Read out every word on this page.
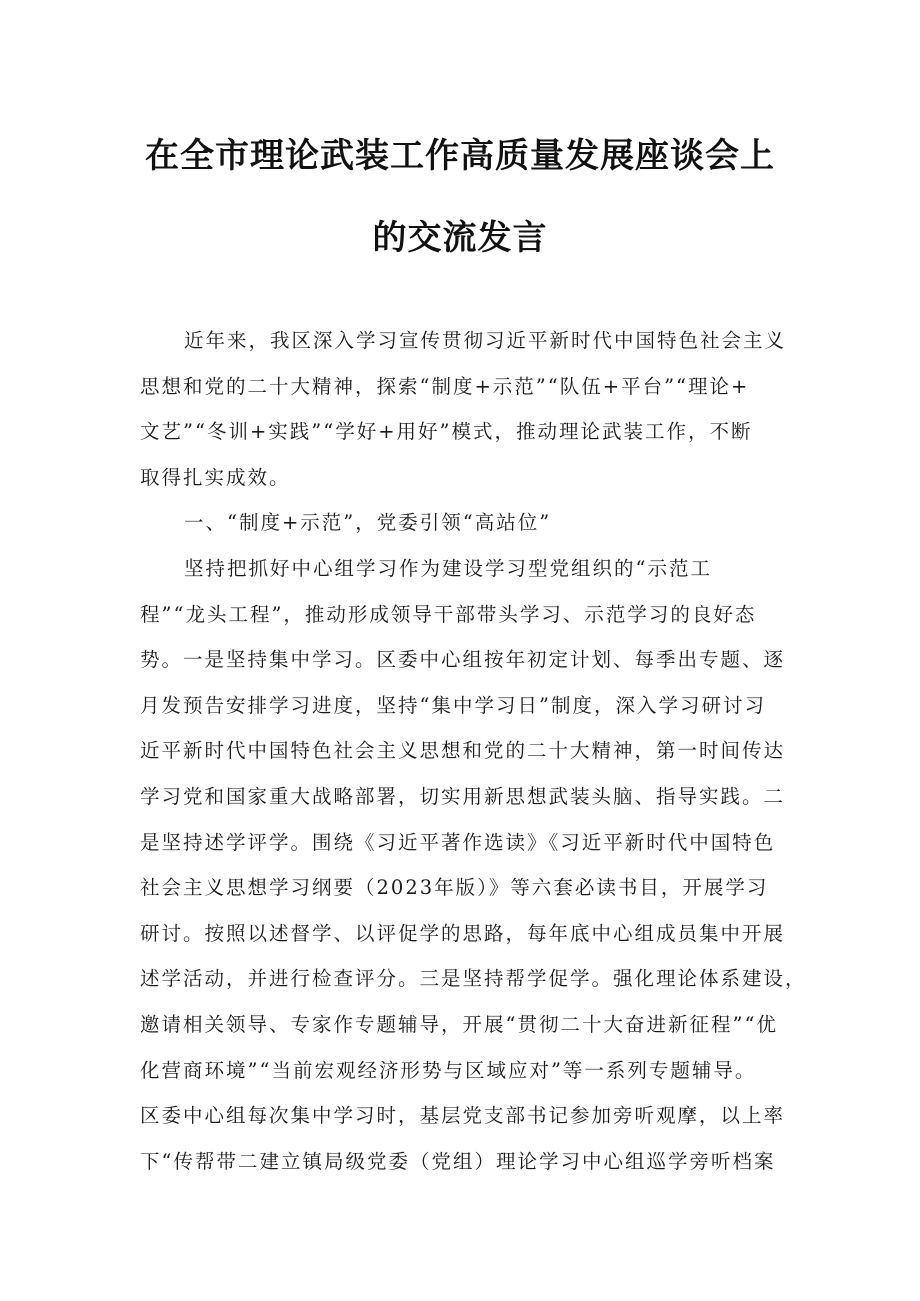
在全市理论武装工作高质量发展座谈会上
的交流发言
近年来，我区深入学习宣传贯彻习近平新时代中国特色社会主义
思想和党的二十大精神，探索“制度+示范”“队伍+平台”“理论+
文艺”“冬训+实践”“学好+用好”模式，推动理论武装工作，不断
取得扎实成效。
一、“制度+示范”，党委引领“高站位”
坚持把抓好中心组学习作为建设学习型党组织的“示范工
程”“龙头工程”，推动形成领导干部带头学习、示范学习的良好态
势。一是坚持集中学习。区委中心组按年初定计划、每季出专题、逐
月发预告安排学习进度，坚持“集中学习日”制度，深入学习研讨习
近平新时代中国特色社会主义思想和党的二十大精神，第一时间传达
学习党和国家重大战略部署，切实用新思想武装头脑、指导实践。二
是坚持述学评学。围绕《习近平著作选读》《习近平新时代中国特色
社会主义思想学习纲要（2023年版）》等六套必读书目，开展学习
研讨。按照以述督学、以评促学的思路，每年底中心组成员集中开展
述学活动，并进行检查评分。三是坚持帮学促学。强化理论体系建设，
邀请相关领导、专家作专题辅导，开展“贯彻二十大奋进新征程”“优
化营商环境”“当前宏观经济形势与区域应对”等一系列专题辅导。
区委中心组每次集中学习时，基层党支部书记参加旁听观摩，以上率
下“传帮带二建立镇局级党委（党组）理论学习中心组巡学旁听档案
